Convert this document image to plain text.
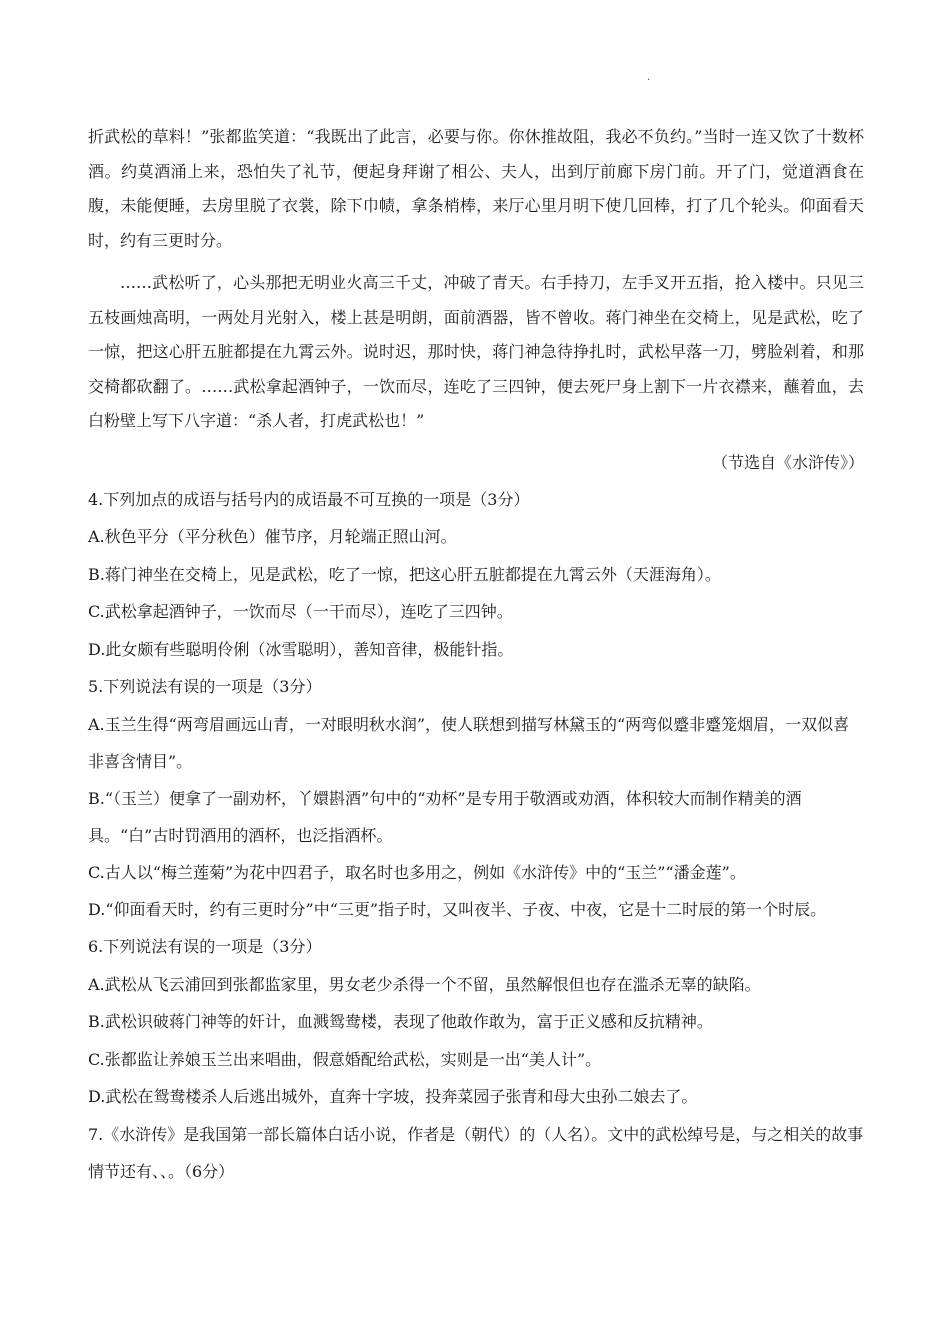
.

折武松的草料！”张都监笑道：“我既出了此言，必要与你。你休推故阻，我必不负约。”当时一连又饮了十数杯酒。约莫酒涌上来，恐怕失了礼节，便起身拜谢了相公、夫人，出到厅前廊下房门前。开了门，觉道酒食在腹，未能便睡，去房里脱了衣裳，除下巾帻，拿条梢棒，来厅心里月明下使几回棒，打了几个轮头。仰面看天时，约有三更时分。

……武松听了，心头那把无明业火高三千丈，冲破了青天。右手持刀，左手叉开五指，抢入楼中。只见三五枝画烛高明，一两处月光射入，楼上甚是明朗，面前酒器，皆不曾收。蒋门神坐在交椅上，见是武松，吃了一惊，把这心肝五脏都提在九霄云外。说时迟，那时快，蒋门神急待挣扎时，武松早落一刀，劈脸剁着，和那交椅都砍翻了。……武松拿起酒钟子，一饮而尽，连吃了三四钟，便去死尸身上割下一片衣襟来，蘸着血，去白粉壁上写下八字道：“杀人者，打虎武松也！”

（节选自《水浒传》）

4.下列加点的成语与括号内的成语最不可互换的一项是（3分）

A.秋色平分（平分秋色）催节序，月轮端正照山河。

B.蒋门神坐在交椅上，见是武松，吃了一惊，把这心肝五脏都提在九霄云外（天涯海角）。

C.武松拿起酒钟子，一饮而尽（一干而尽），连吃了三四钟。

D.此女颇有些聪明伶俐（冰雪聪明），善知音律，极能针指。

5.下列说法有误的一项是（3分）

A.玉兰生得“两弯眉画远山青，一对眼明秋水润”，使人联想到描写林黛玉的“两弯似蹙非蹙笼烟眉，一双似喜非喜含情目”。

B.“（玉兰）便拿了一副劝杯，丫嬛斟酒”句中的“劝杯”是专用于敬酒或劝酒，体积较大而制作精美的酒具。“白”古时罚酒用的酒杯，也泛指酒杯。

C.古人以“梅兰莲菊”为花中四君子，取名时也多用之，例如《水浒传》中的“玉兰”“潘金莲”。

D.“仰面看天时，约有三更时分”中“三更”指子时，又叫夜半、子夜、中夜，它是十二时辰的第一个时辰。

6.下列说法有误的一项是（3分）

A.武松从飞云浦回到张都监家里，男女老少杀得一个不留，虽然解恨但也存在滥杀无辜的缺陷。

B.武松识破蒋门神等的奸计，血溅鸳鸯楼，表现了他敢作敢为，富于正义感和反抗精神。

C.张都监让养娘玉兰出来唱曲，假意婚配给武松，实则是一出“美人计”。

D.武松在鸳鸯楼杀人后逃出城外，直奔十字坡，投奔菜园子张青和母大虫孙二娘去了。

7.《水浒传》是我国第一部长篇体白话小说，作者是（朝代）的（人名）。文中的武松绰号是，与之相关的故事情节还有、、。（6分）
